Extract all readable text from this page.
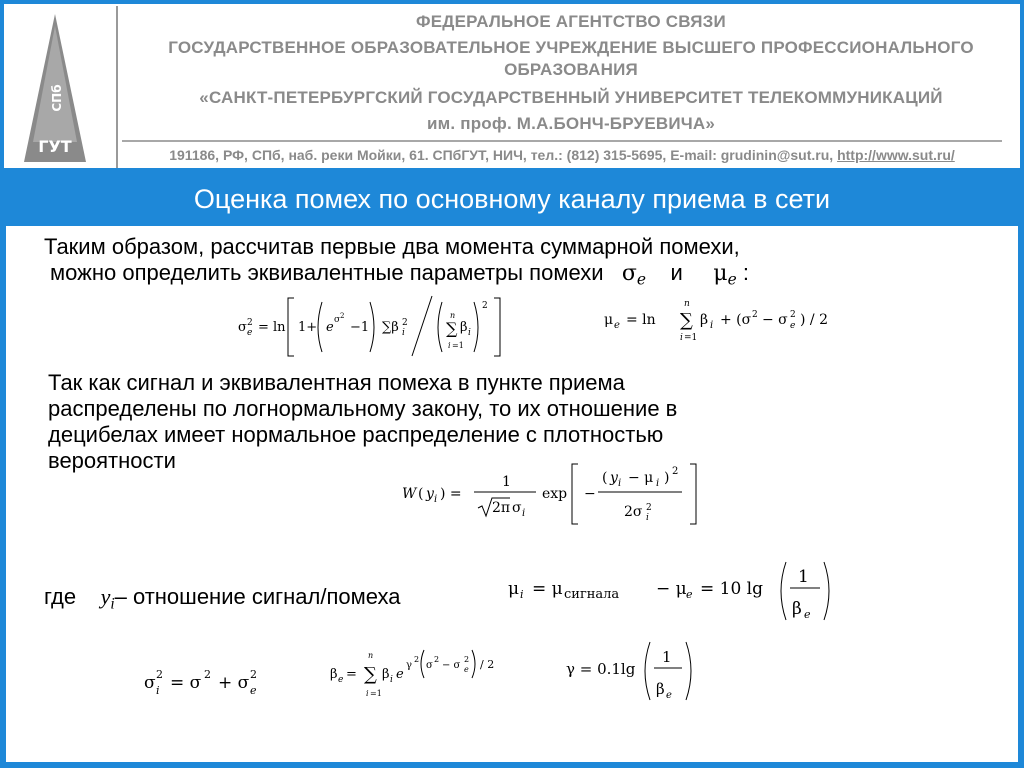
СПб
ГУТ
ФЕДЕРАЛЬНОЕ АГЕНТСТВО СВЯЗИ
ГОСУДАРСТВЕННОЕ ОБРАЗОВАТЕЛЬНОЕ УЧРЕЖДЕНИЕ ВЫСШЕГО ПРОФЕССИОНАЛЬНОГО
ОБРАЗОВАНИЯ
«САНКТ-ПЕТЕРБУРГСКИЙ ГОСУДАРСТВЕННЫЙ УНИВЕРСИТЕТ ТЕЛЕКОММУНИКАЦИЙ
им. проф. М.А.БОНЧ-БРУЕВИЧА»
191186, РФ, СПб, наб. реки Мойки, 61. СПбГУТ, НИЧ, тел.: (812) 315-5695, E-mail: grudinin@sut.ru, http://www.sut.ru/
Оценка помех по основному каналу приема в сети
Таким образом, рассчитав первые два момента суммарной помехи,
можно определить эквивалентные параметры помехи $\sigma_e$ и $\mu_e$ :
σ 2
e = ln 1+ e σ 2
−1 ∑β 2
i
n
∑
i =1
β i
2
μ e = ln
n
∑
i =1
β i + (σ 2 − σ 2
e ) / 2
Так как сигнал и эквивалентная помеха в пункте приема
распределены по логнормальному закону, то их отношение в
децибелах имеет нормальное распределение с плотностью
вероятности
W ( y i ) =
1
2π σ i
exp −
( y i − μ i ) 2
2σ 2
i
где $y_i-$ отношение сигнал/помеха	μ i = μ сигнала − μ e = 10 lg
1
β e
σ 2
i = σ 2 + σ 2
e
β e =
n
∑
i =1
β i e
γ
2
σ
2
− σ
2
e / 2	γ = 0.1lg
1
β e
